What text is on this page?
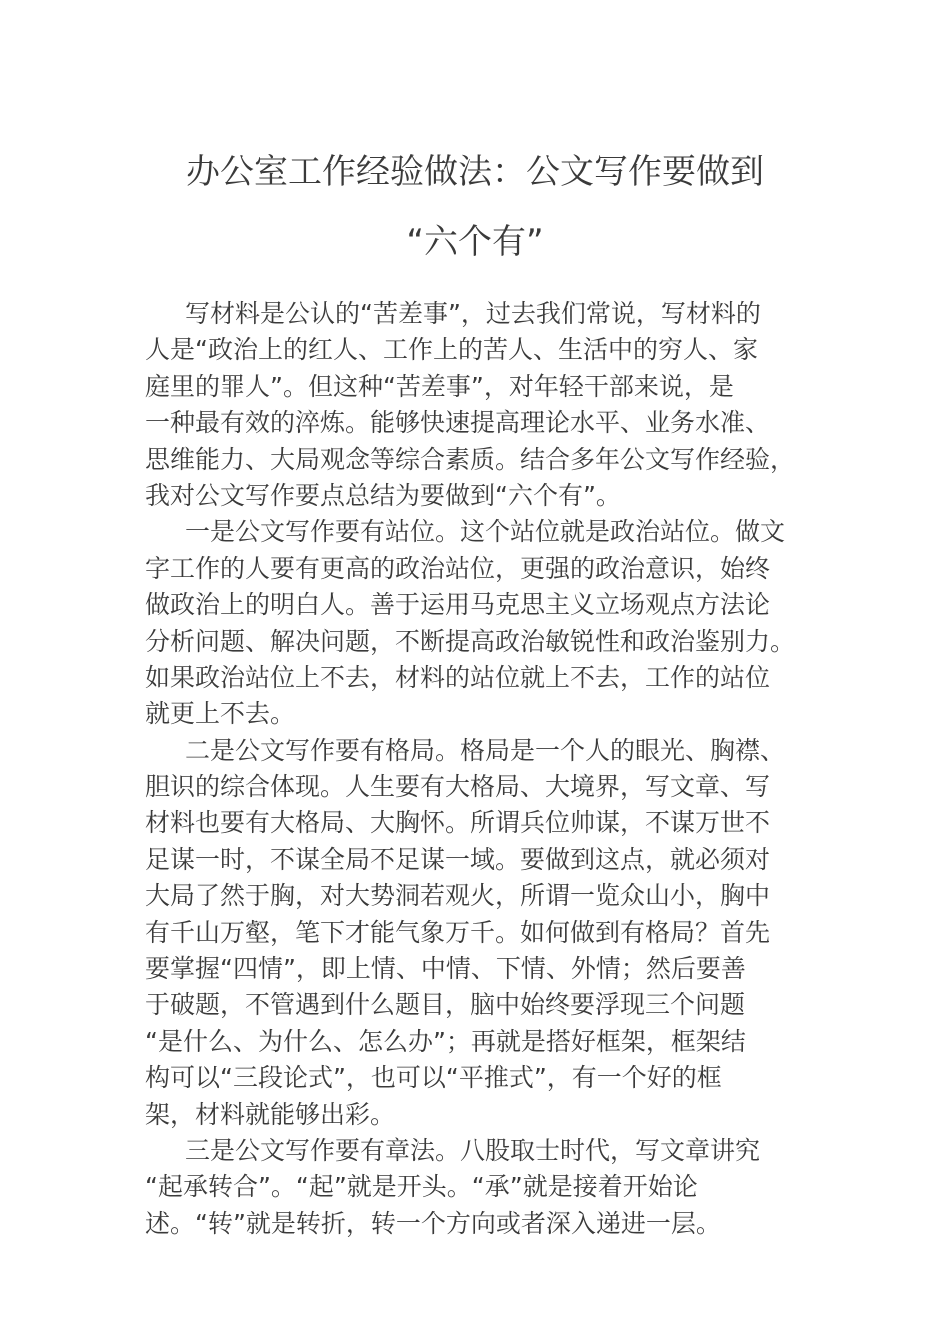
办公室工作经验做法：公文写作要做到
“六个有”

写材料是公认的“苦差事”，过去我们常说，写材料的
人是“政治上的红人、工作上的苦人、生活中的穷人、家
庭里的罪人”。但这种“苦差事”，对年轻干部来说，是
一种最有效的淬炼。能够快速提高理论水平、业务水准、
思维能力、大局观念等综合素质。结合多年公文写作经验，
我对公文写作要点总结为要做到“六个有”。

一是公文写作要有站位。这个站位就是政治站位。做文
字工作的人要有更高的政治站位，更强的政治意识，始终
做政治上的明白人。善于运用马克思主义立场观点方法论
分析问题、解决问题，不断提高政治敏锐性和政治鉴别力。
如果政治站位上不去，材料的站位就上不去，工作的站位
就更上不去。

二是公文写作要有格局。格局是一个人的眼光、胸襟、
胆识的综合体现。人生要有大格局、大境界，写文章、写
材料也要有大格局、大胸怀。所谓兵位帅谋，不谋万世不
足谋一时，不谋全局不足谋一域。要做到这点，就必须对
大局了然于胸，对大势洞若观火，所谓一览众山小，胸中
有千山万壑，笔下才能气象万千。如何做到有格局？首先
要掌握“四情”，即上情、中情、下情、外情；然后要善
于破题，不管遇到什么题目，脑中始终要浮现三个问题
“是什么、为什么、怎么办”；再就是搭好框架，框架结
构可以“三段论式”，也可以“平推式”，有一个好的框
架，材料就能够出彩。

三是公文写作要有章法。八股取士时代，写文章讲究
“起承转合”。“起”就是开头。“承”就是接着开始论
述。“转”就是转折，转一个方向或者深入递进一层。
